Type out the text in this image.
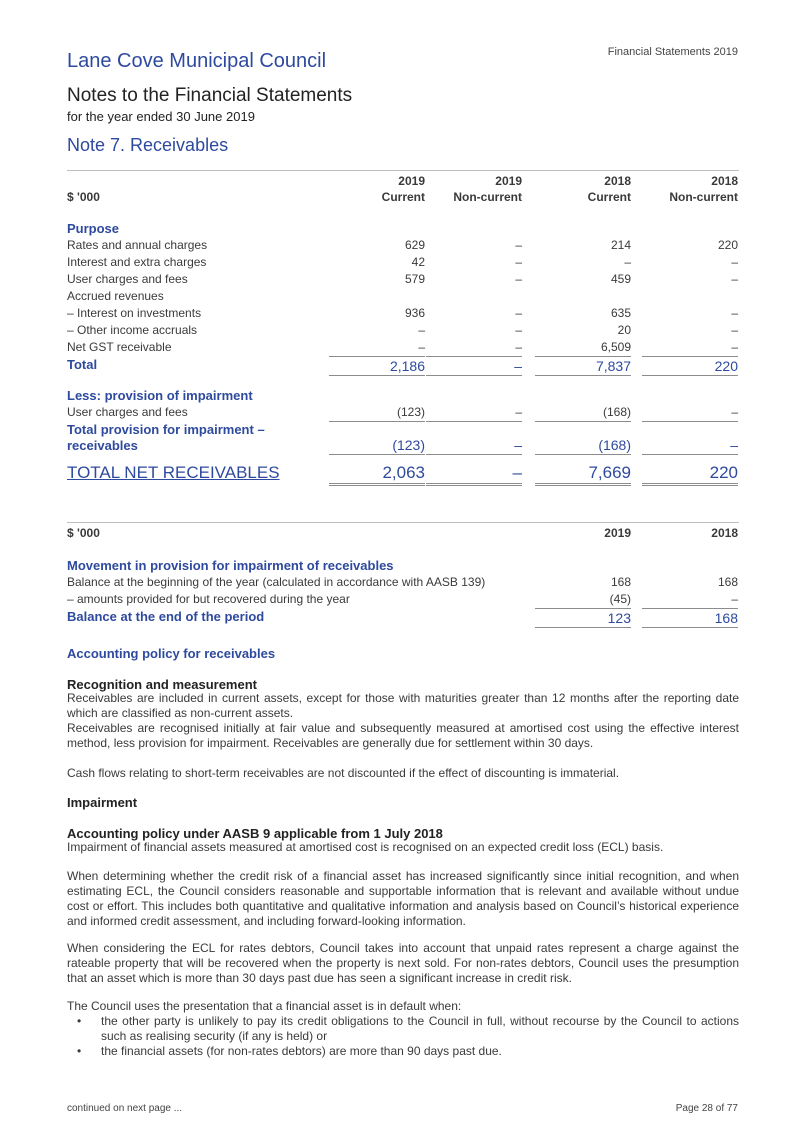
Lane Cove Municipal Council	Financial Statements 2019
Notes to the Financial Statements
for the year ended 30 June 2019
Note 7. Receivables
2019	2019	2018	2018
$ '000	Current	Non-current	Current	Non-current
Purpose
Rates and annual charges	629	–	214	220
Interest and extra charges	42	–	–	–
User charges and fees	579	–	459	–
Accrued revenues
– Interest on investments	936	–	635	–
– Other income accruals	–	–	20	–
Net GST receivable	–	–	6,509	–
Total	2,186	–	7,837	220
Less: provision of impairment
User charges and fees	(123)	–	(168)	–
Total provision for impairment –
receivables	(123)	–	(168)	–
TOTAL NET RECEIVABLES	2,063	–	7,669	220
$ '000	2019	2018
Movement in provision for impairment of receivables
Balance at the beginning of the year (calculated in accordance with AASB 139)	168	168
– amounts provided for but recovered during the year	(45)	–
Balance at the end of the period	123	168
Accounting policy for receivables
Recognition and measurement
Receivables are included in current assets, except for those with maturities greater than 12 months after the reporting date which are classified as non-current assets.
Receivables are recognised initially at fair value and subsequently measured at amortised cost using the effective interest method, less provision for impairment. Receivables are generally due for settlement within 30 days.
Cash flows relating to short-term receivables are not discounted if the effect of discounting is immaterial.
Impairment
Accounting policy under AASB 9 applicable from 1 July 2018
Impairment of financial assets measured at amortised cost is recognised on an expected credit loss (ECL) basis.
When determining whether the credit risk of a financial asset has increased significantly since initial recognition, and when estimating ECL, the Council considers reasonable and supportable information that is relevant and available without undue cost or effort. This includes both quantitative and qualitative information and analysis based on Council’s historical experience and informed credit assessment, and including forward-looking information.
When considering the ECL for rates debtors, Council takes into account that unpaid rates represent a charge against the rateable property that will be recovered when the property is next sold. For non-rates debtors, Council uses the presumption that an asset which is more than 30 days past due has seen a significant increase in credit risk.
The Council uses the presentation that a financial asset is in default when:
• the other party is unlikely to pay its credit obligations to the Council in full, without recourse by the Council to actions such as realising security (if any is held) or
• the financial assets (for non-rates debtors) are more than 90 days past due.
continued on next page ...	Page 28 of 77
